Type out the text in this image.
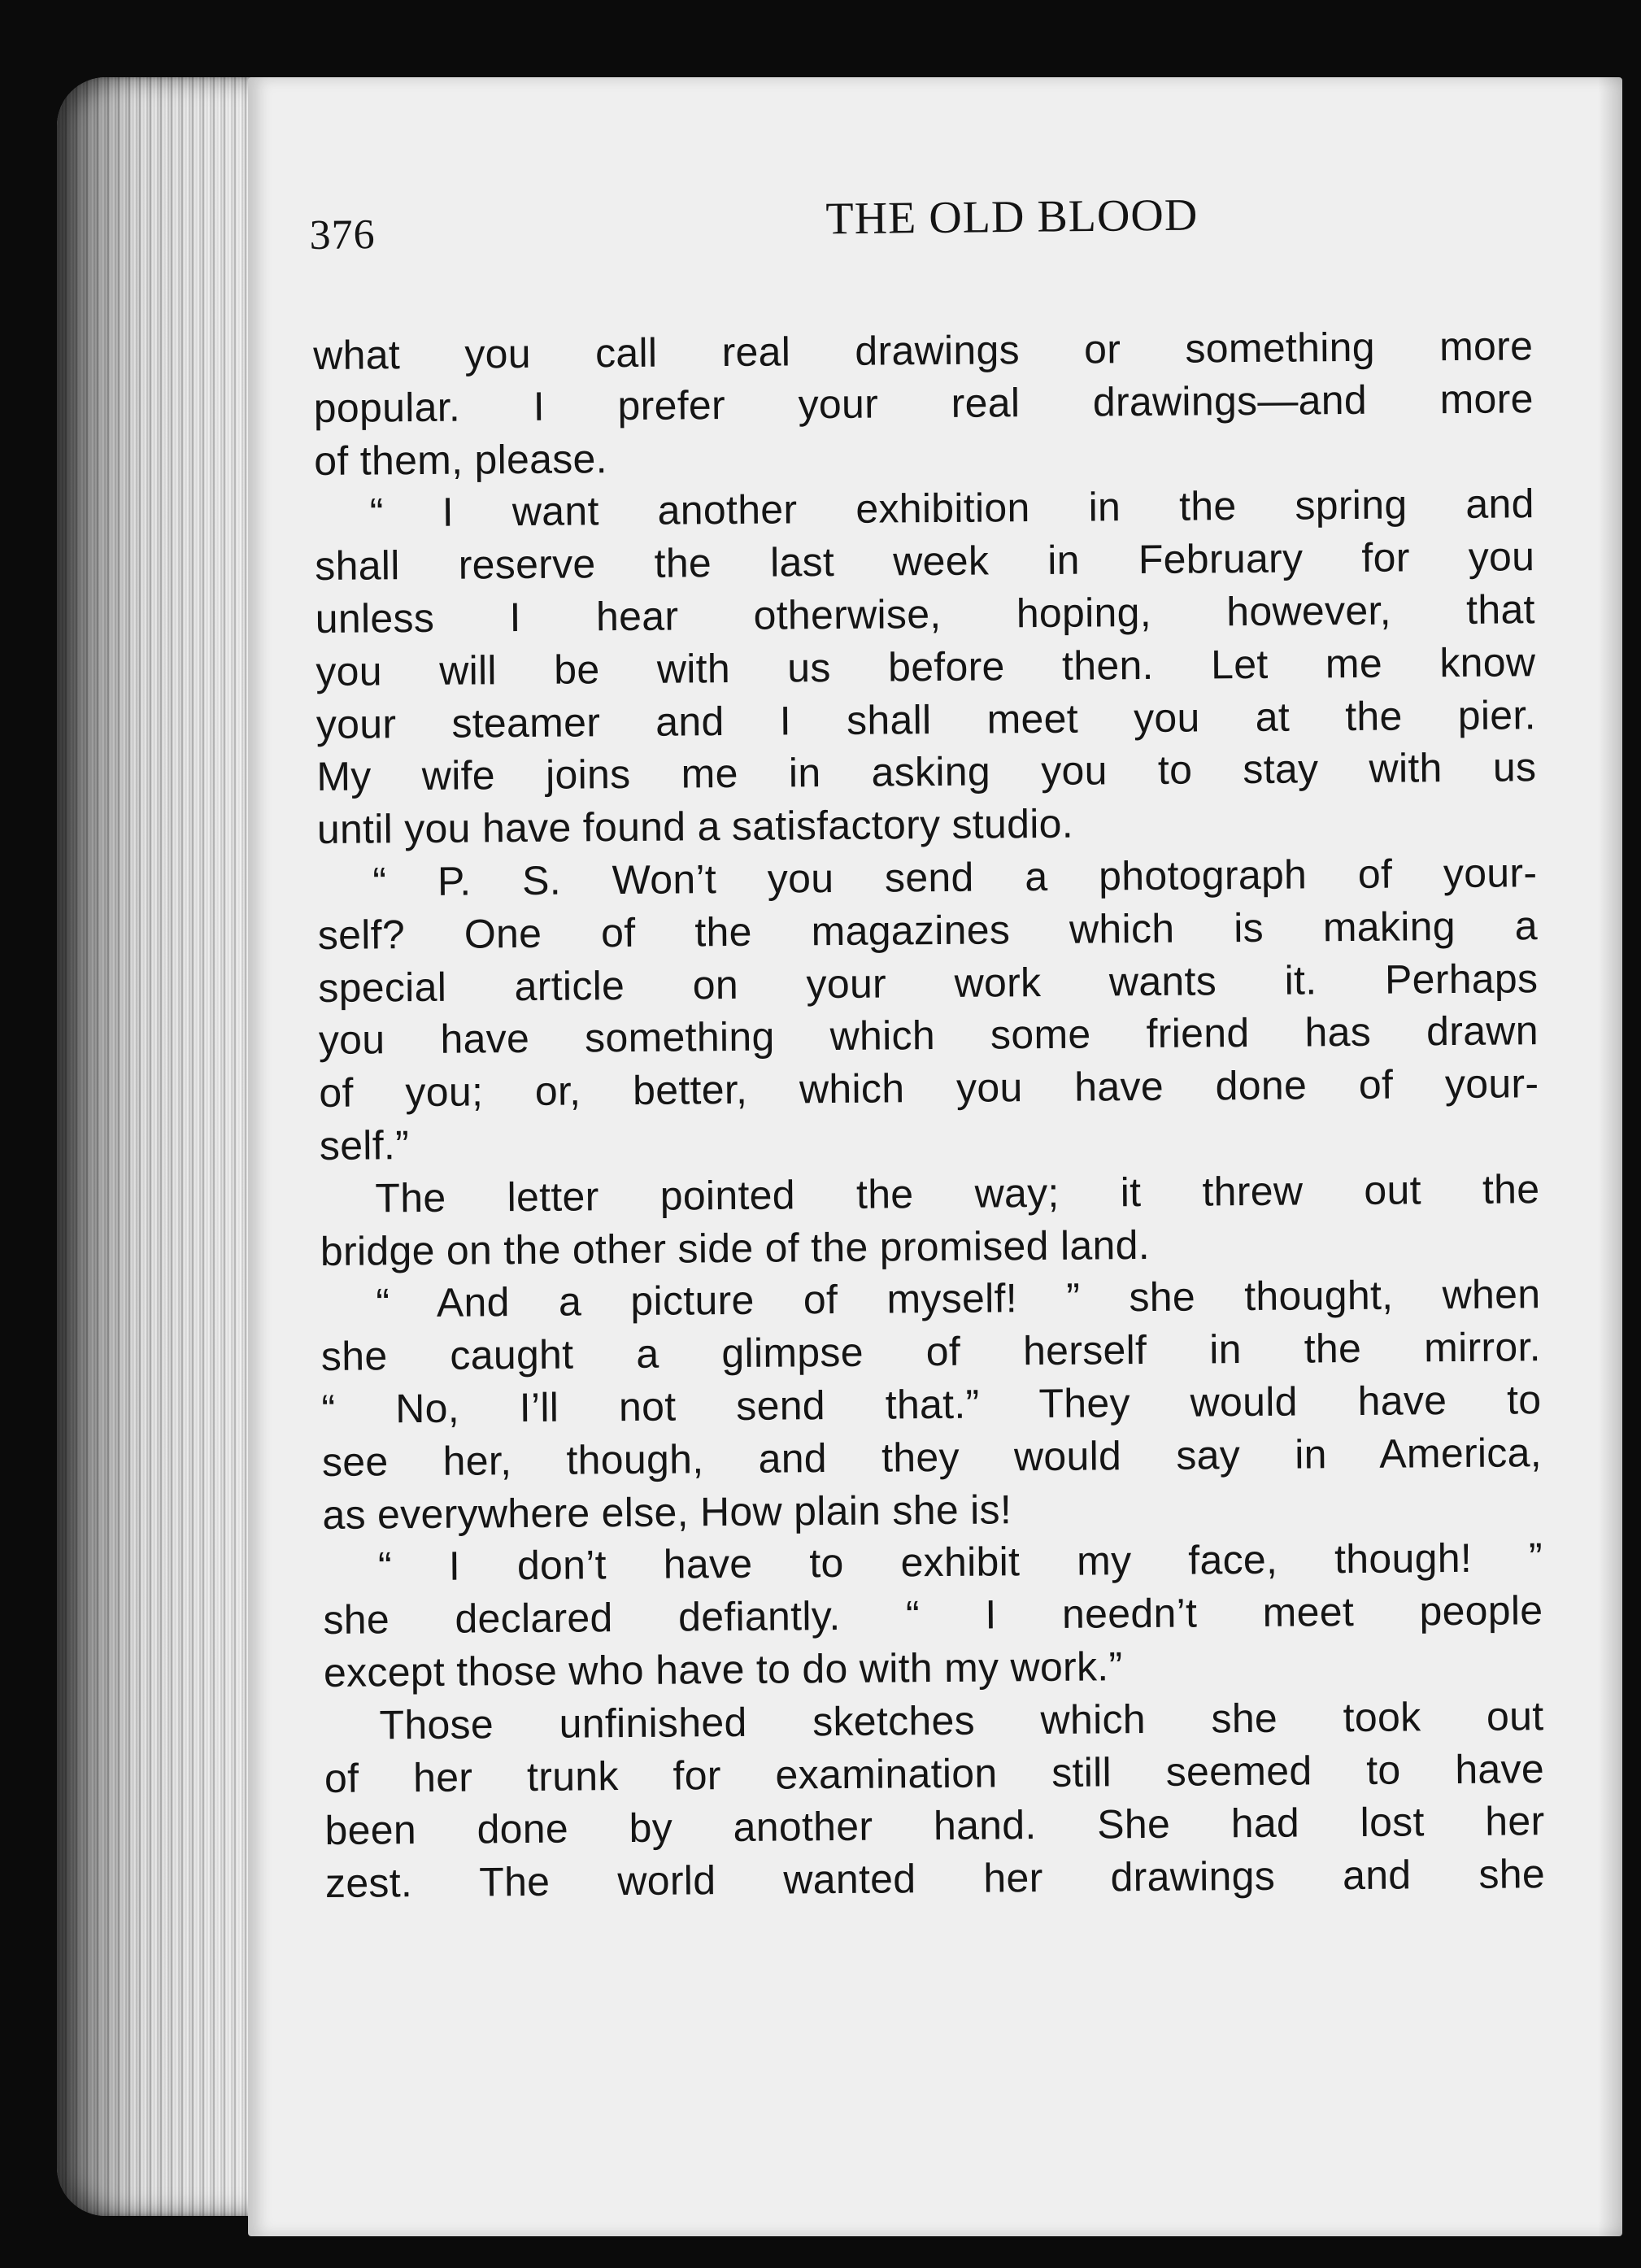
376	THE OLD BLOOD
what you call real drawings or something more
popular. I prefer your real drawings—and more
of them, please.
“ I want another exhibition in the spring and
shall reserve the last week in February for you
unless I hear otherwise, hoping, however, that
you will be with us before then. Let me know
your steamer and I shall meet you at the pier.
My wife joins me in asking you to stay with us
until you have found a satisfactory studio.
“ P. S. Won’t you send a photograph of your-
self? One of the magazines which is making a
special article on your work wants it. Perhaps
you have something which some friend has drawn
of you; or, better, which you have done of your-
self.”
The letter pointed the way; it threw out the
bridge on the other side of the promised land.
“ And a picture of myself! ” she thought, when
she caught a glimpse of herself in the mirror.
“ No, I’ll not send that.” They would have to
see her, though, and they would say in America,
as everywhere else, How plain she is!
“ I don’t have to exhibit my face, though! ”
she declared defiantly. “ I needn’t meet people
except those who have to do with my work.”
Those unfinished sketches which she took out
of her trunk for examination still seemed to have
been done by another hand. She had lost her
zest. The world wanted her drawings and she
